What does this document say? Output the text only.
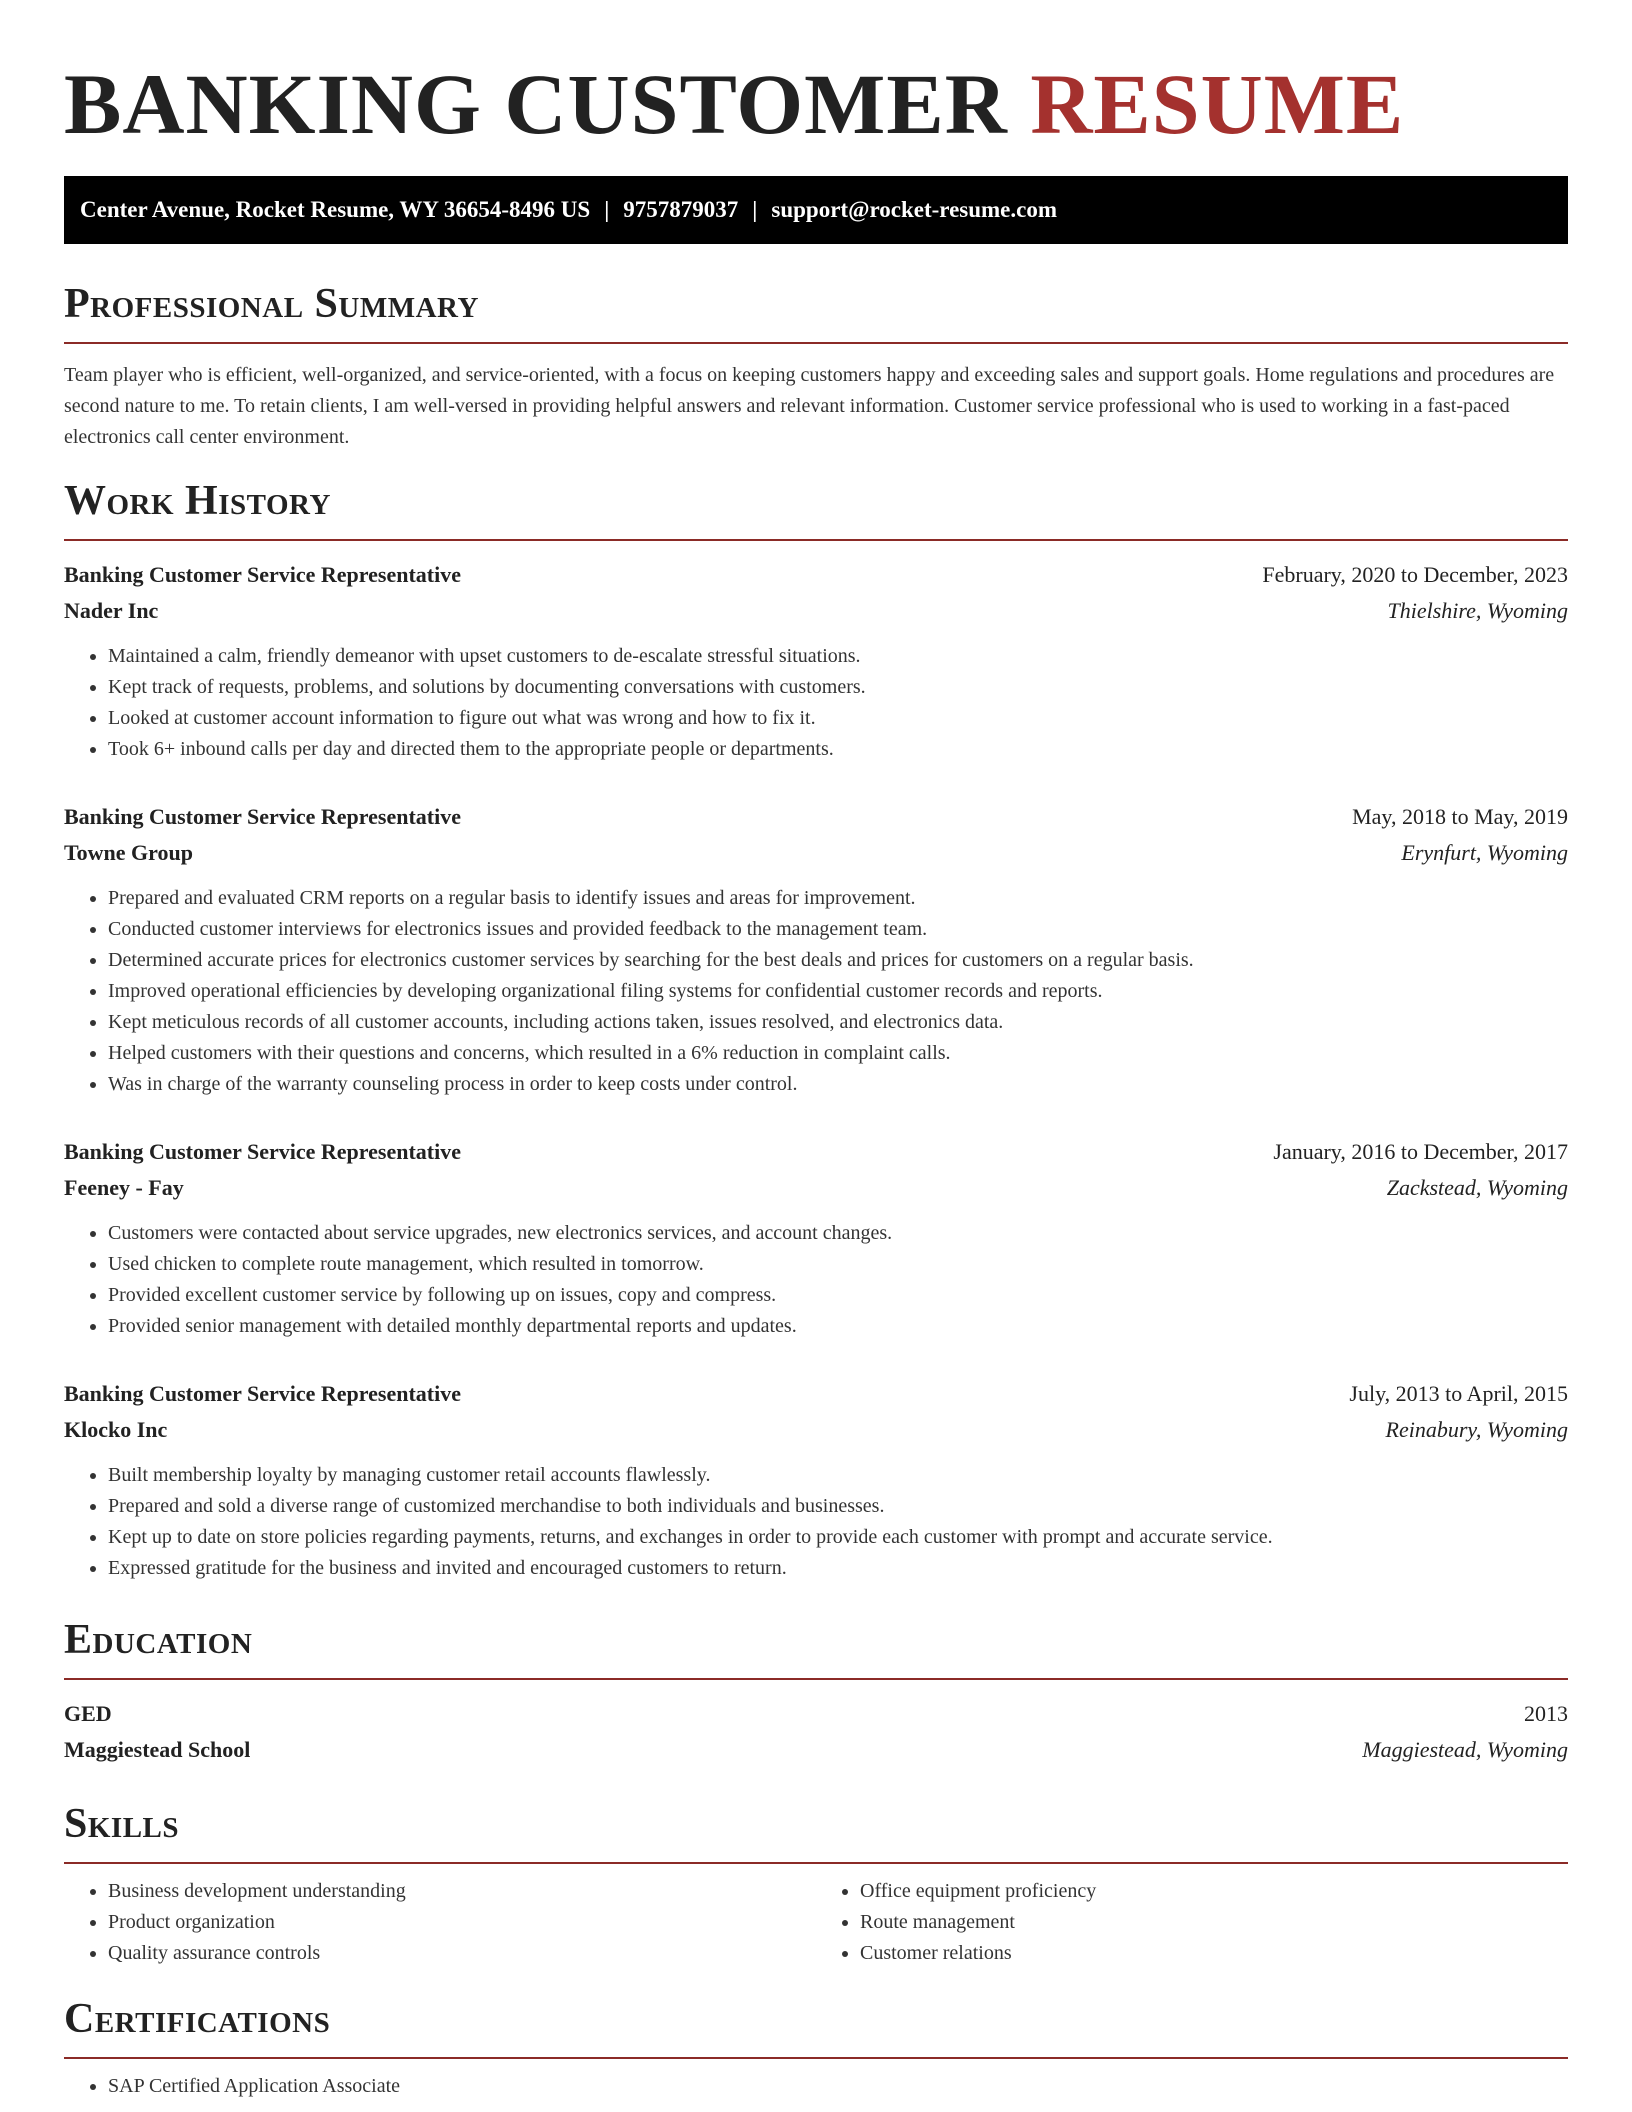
BANKING CUSTOMER RESUME
Center Avenue, Rocket Resume, WY 36654-8496 US | 9757879037 | support@rocket-resume.com
Professional Summary

Team player who is efficient, well-organized, and service-oriented, with a focus on keeping customers happy and exceeding sales and support goals. Home regulations and procedures are second nature to me. To retain clients, I am well-versed in providing helpful answers and relevant information. Customer service professional who is used to working in a fast-paced electronics call center environment.

Work History
Banking Customer Service Representative	February, 2020 to December, 2023
Nader Inc	Thielshire, Wyoming
• Maintained a calm, friendly demeanor with upset customers to de-escalate stressful situations.
• Kept track of requests, problems, and solutions by documenting conversations with customers.
• Looked at customer account information to figure out what was wrong and how to fix it.
• Took 6+ inbound calls per day and directed them to the appropriate people or departments.
Banking Customer Service Representative	May, 2018 to May, 2019
Towne Group	Erynfurt, Wyoming
• Prepared and evaluated CRM reports on a regular basis to identify issues and areas for improvement.
• Conducted customer interviews for electronics issues and provided feedback to the management team.
• Determined accurate prices for electronics customer services by searching for the best deals and prices for customers on a regular basis.
• Improved operational efficiencies by developing organizational filing systems for confidential customer records and reports.
• Kept meticulous records of all customer accounts, including actions taken, issues resolved, and electronics data.
• Helped customers with their questions and concerns, which resulted in a 6% reduction in complaint calls.
• Was in charge of the warranty counseling process in order to keep costs under control.
Banking Customer Service Representative	January, 2016 to December, 2017
Feeney - Fay	Zackstead, Wyoming
• Customers were contacted about service upgrades, new electronics services, and account changes.
• Used chicken to complete route management, which resulted in tomorrow.
• Provided excellent customer service by following up on issues, copy and compress.
• Provided senior management with detailed monthly departmental reports and updates.
Banking Customer Service Representative	July, 2013 to April, 2015
Klocko Inc	Reinabury, Wyoming
• Built membership loyalty by managing customer retail accounts flawlessly.
• Prepared and sold a diverse range of customized merchandise to both individuals and businesses.
• Kept up to date on store policies regarding payments, returns, and exchanges in order to provide each customer with prompt and accurate service.
• Expressed gratitude for the business and invited and encouraged customers to return.
Education
GED	2013
Maggiestead School	Maggiestead, Wyoming
Skills
• Business development understanding
• Product organization
• Quality assurance controls
• Office equipment proficiency
• Route management
• Customer relations
Certifications
• SAP Certified Application Associate
